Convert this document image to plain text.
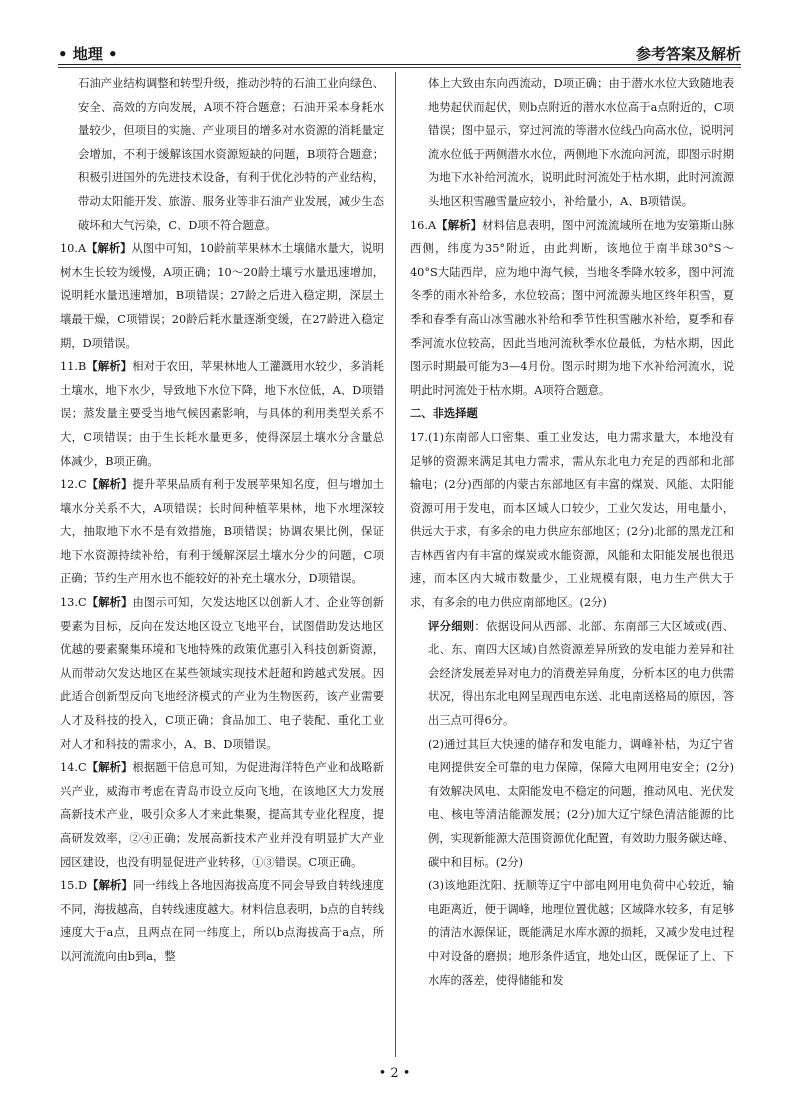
• 地理 •	参考答案及解析

石油产业结构调整和转型升级，推动沙特的石油工业向绿色、安全、高效的方向发展，A项不符合题意；石油开采本身耗水量较少，但项目的实施、产业项目的增多对水资源的消耗量定会增加，不利于缓解该国水资源短缺的问题，B项符合题意；积极引进国外的先进技术设备，有利于优化沙特的产业结构，带动太阳能开发、旅游、服务业等非石油产业发展，减少生态破坏和大气污染，C、D项不符合题意。

10.A【解析】从图中可知，10龄前苹果林木土壤储水量大，说明树木生长较为缓慢，A项正确；10～20龄土壤亏水量迅速增加，说明耗水量迅速增加，B项错误；27龄之后进入稳定期，深层土壤最干燥，C项错误；20龄后耗水量逐渐变缓，在27龄进入稳定期，D项错误。

11.B【解析】相对于农田，苹果林地人工灌溉用水较少，多消耗土壤水，地下水少，导致地下水位下降，地下水位低，A、D项错误；蒸发量主要受当地气候因素影响，与具体的利用类型关系不大，C项错误；由于生长耗水量更多，使得深层土壤水分含量总体减少，B项正确。

12.C【解析】提升苹果品质有利于发展苹果知名度，但与增加土壤水分关系不大，A项错误；长时间种植苹果林，地下水埋深较大，抽取地下水不是有效措施，B项错误；协调农果比例，保证地下水资源持续补给，有利于缓解深层土壤水分少的问题，C项正确；节约生产用水也不能较好的补充土壤水分，D项错误。

13.C【解析】由图示可知，欠发达地区以创新人才、企业等创新要素为目标，反向在发达地区设立飞地平台，试图借助发达地区优越的要素聚集环境和飞地特殊的政策优惠引入科技创新资源，从而带动欠发达地区在某些领域实现技术赶超和跨越式发展。因此适合创新型反向飞地经济模式的产业为生物医药，该产业需要人才及科技的投入，C项正确；食品加工、电子装配、重化工业对人才和科技的需求小，A、B、D项错误。

14.C【解析】根据题干信息可知，为促进海洋特色产业和战略新兴产业，威海市考虑在青岛市设立反向飞地，在该地区大力发展高新技术产业，吸引众多人才来此集聚，提高其专业化程度，提高研发效率，②④正确；发展高新技术产业并没有明显扩大产业园区建设，也没有明显促进产业转移，①③错误。C项正确。

15.D【解析】同一纬线上各地因海拔高度不同会导致自转线速度不同，海拔越高，自转线速度越大。材料信息表明，b点的自转线速度大于a点，且两点在同一纬度上，所以b点海拔高于a点，所以河流流向由b到a，整

体上大致由东向西流动，D项正确；由于潜水水位大致随地表地势起伏而起伏，则b点附近的潜水水位高于a点附近的，C项错误；图中显示，穿过河流的等潜水位线凸向高水位，说明河流水位低于两侧潜水水位，两侧地下水流向河流，即图示时期为地下水补给河流水，说明此时河流处于枯水期，此时河流源头地区积雪融雪量应较小，补给量小，A、B项错误。

16.A【解析】材料信息表明，图中河流流域所在地为安第斯山脉西侧，纬度为35°附近，由此判断，该地位于南半球30°S～40°S大陆西岸，应为地中海气候，当地冬季降水较多，图中河流冬季的雨水补给多，水位较高；图中河流源头地区终年积雪，夏季和春季有高山冰雪融水补给和季节性积雪融水补给，夏季和春季河流水位较高，因此当地河流秋季水位最低，为枯水期，因此图示时期最可能为3—4月份。图示时期为地下水补给河流水，说明此时河流处于枯水期。A项符合题意。

二、非选择题

17.(1)东南部人口密集、重工业发达，电力需求量大，本地没有足够的资源来满足其电力需求，需从东北电力充足的西部和北部输电；(2分)西部的内蒙古东部地区有丰富的煤炭、风能、太阳能资源可用于发电，而本区域人口较少，工业欠发达，用电量小，供远大于求，有多余的电力供应东部地区；(2分)北部的黑龙江和吉林西省内有丰富的煤炭或水能资源，风能和太阳能发展也很迅速，而本区内大城市数量少，工业规模有限，电力生产供大于求，有多余的电力供应南部地区。(2分)

评分细则：依据设问从西部、北部、东南部三大区域或(西、北、东、南四大区域)自然资源差异所致的发电能力差异和社会经济发展差异对电力的消费差异角度，分析本区的电力供需状况，得出东北电网呈现西电东送、北电南送格局的原因，答出三点可得6分。

(2)通过其巨大快速的储存和发电能力，调峰补枯，为辽宁省电网提供安全可靠的电力保障，保障大电网用电安全；(2分)有效解决风电、太阳能发电不稳定的问题，推动风电、光伏发电、核电等清洁能源发展；(2分)加大辽宁绿色清洁能源的比例，实现新能源大范围资源优化配置，有效助力服务碳达峰、碳中和目标。(2分)

(3)该地距沈阳、抚顺等辽宁中部电网用电负荷中心较近，输电距离近，便于调峰，地理位置优越；区域降水较多，有足够的清洁水源保证，既能满足水库水源的损耗，又减少发电过程中对设备的磨损；地形条件适宜，地处山区，既保证了上、下水库的落差，使得储能和发

• 2 •
